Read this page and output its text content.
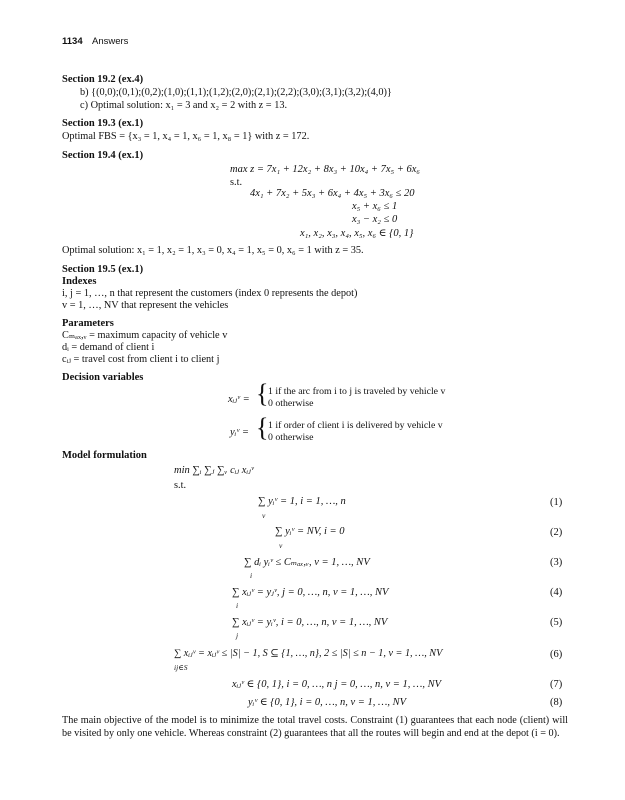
1134 Answers
Section 19.2 (ex.4)
b) {(0,0);(0,1);(0,2);(1,0);(1,1);(1,2);(2,0);(2,1);(2,2);(3,0);(3,1);(3,2);(4,0)}
c) Optimal solution: x₁ = 3 and x₂ = 2 with z = 13.
Section 19.3 (ex.1)
Optimal FBS = {x₃ = 1, x₄ = 1, x₆ = 1, x₈ = 1} with z = 172.
Section 19.4 (ex.1)
max z = 7x₁ + 12x₂ + 8x₃ + 10x₄ + 7x₅ + 6x₆
s.t.
4x₁ + 7x₂ + 5x₃ + 6x₄ + 4x₅ + 3x₆ ≤ 20
x₅ + x₆ ≤ 1
x₃ − x₂ ≤ 0
x₁, x₂, x₃, x₄, x₅, x₆ ∈ {0, 1}
Optimal solution: x₁ = 1, x₂ = 1, x₃ = 0, x₄ = 1, x₅ = 0, x₆ = 1 with z = 35.
Section 19.5 (ex.1)
Indexes
i, j = 1, …, n that represent the customers (index 0 represents the depot)
v = 1, …, NV that represent the vehicles
Parameters
Cₘₐₓ,ᵥ = maximum capacity of vehicle v
dᵢ = demand of client i
cᵢⱼ = travel cost from client i to client j
Decision variables
xᵢⱼᵛ = { 1 if the arc from i to j is traveled by vehicle v
0 otherwise
yᵢᵛ = { 1 if order of client i is delivered by vehicle v
0 otherwise
Model formulation
min ∑ᵢ ∑ⱼ ∑ᵥ cᵢⱼ xᵢⱼᵛ
s.t.
∑ yᵢᵛ = 1, i = 1, …, n
v
(1)
∑ yᵢᵛ = NV, i = 0
v
(2)
∑ dᵢ yᵢᵛ ≤ Cₘₐₓ,ᵥ, v = 1, …, NV
i
(3)
∑ xᵢⱼᵛ = yⱼᵛ, j = 0, …, n, v = 1, …, NV
i
(4)
∑ xᵢⱼᵛ = yᵢᵛ, i = 0, …, n, v = 1, …, NV
j
(5)
∑ xᵢⱼᵛ = xᵢⱼᵛ ≤ |S| − 1, S ⊆ {1, …, n}, 2 ≤ |S| ≤ n − 1, v = 1, …, NV
ij∈S
(6)
xᵢⱼᵛ ∈ {0, 1}, i = 0, …, n j = 0, …, n, v = 1, …, NV	(7)
yᵢᵛ ∈ {0, 1}, i = 0, …, n, v = 1, …, NV	(8)
The main objective of the model is to minimize the total travel costs. Constraint (1) guarantees that each node (client) will be visited by only one vehicle. Whereas constraint (2) guarantees that all the routes will begin and end at the depot (i = 0).
